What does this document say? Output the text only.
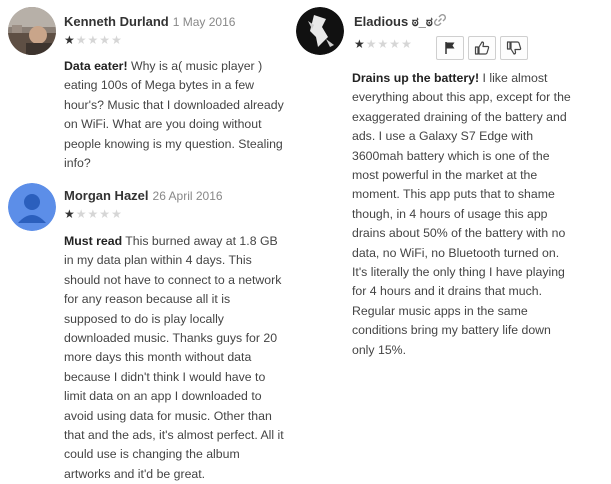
Kenneth Durland 1 May 2016
★ ★ ★ ★ ★
Data eater! Why is a( music player ) eating 100s of Mega bytes in a few hour's? Music that I downloaded already on WiFi. What are you doing without people knowing is my question. Stealing info?
Morgan Hazel 26 April 2016
★ ★ ★ ★ ★
Must read This burned away at 1.8 GB in my data plan within 4 days. This should not have to connect to a network for any reason because all it is supposed to do is play locally downloaded music. Thanks guys for 20 more days this month without data because I didn't think I would have to limit data on an app I downloaded to avoid using data for music. Other than that and the ads, it's almost perfect. All it could use is changing the album artworks and it'd be great.
Eladious ಠ_ಠ
★ ★ ★ ★ ★
Drains up the battery! I like almost everything about this app, except for the exaggerated draining of the battery and ads. I use a Galaxy S7 Edge with 3600mah battery which is one of the most powerful in the market at the moment. This app puts that to shame though, in 4 hours of usage this app drains about 50% of the battery with no data, no WiFi, no Bluetooth turned on. It's literally the only thing I have playing for 4 hours and it drains that much. Regular music apps in the same conditions bring my battery life down only 15%.
